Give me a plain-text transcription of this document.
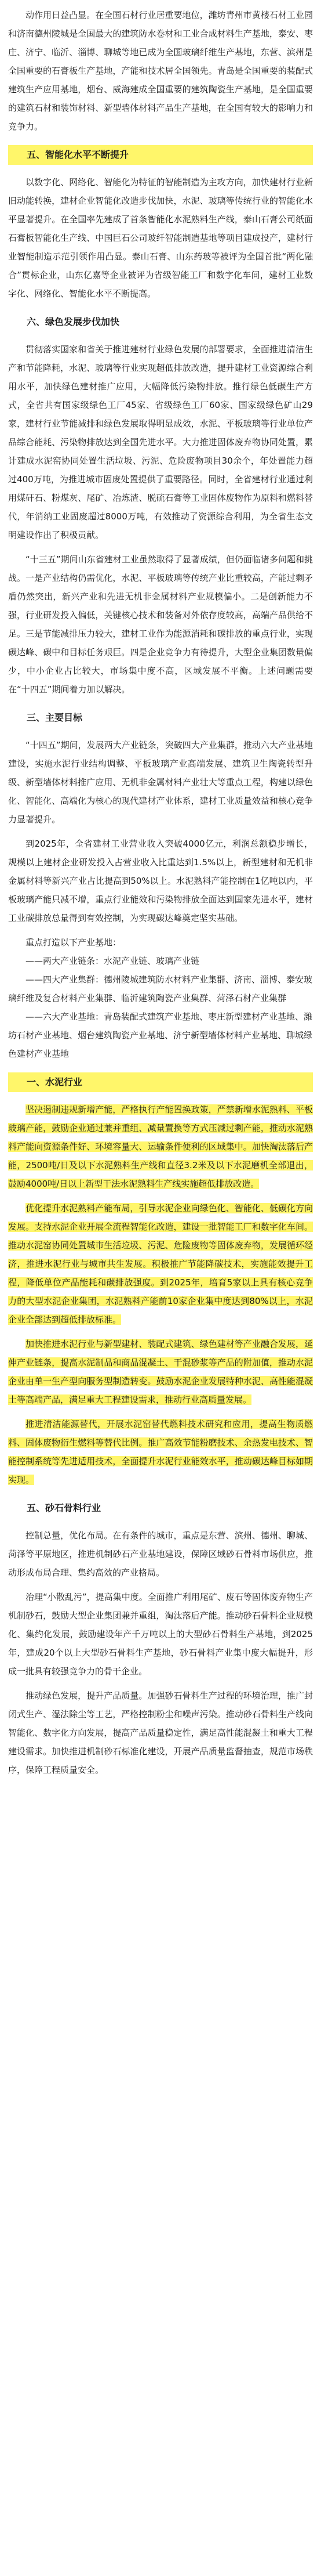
动作用日益凸显。在全国石材行业居重要地位，潍坊青州市黄楼石材工业园和济南德州陵城是全国最大的建筑防水卷材和工业合成材料生产基地，泰安、枣庄、济宁、临沂、淄博、聊城等地已成为全国玻璃纤维生产基地，东营、滨州是全国重要的石膏板生产基地，产能和技术居全国领先。青岛是全国重要的装配式建筑生产应用基地，烟台、威海建成全国重要的建筑陶瓷生产基地，是全国重要的建筑石材和装饰材料、新型墙体材料产品生产基地，在全国有较大的影响力和竞争力。

五、智能化水平不断提升

以数字化、网络化、智能化为特征的智能制造为主攻方向，加快建材行业新旧动能转换，建材企业智能化改造步伐加快，水泥、玻璃等传统行业的智能化水平显著提升。在全国率先建成了首条智能化水泥熟料生产线，泰山石膏公司纸面石膏板智能化生产线、中国巨石公司玻纤智能制造基地等项目建成投产，建材行业智能制造示范引领作用凸显。泰山石膏、山东药玻等被评为全国首批“两化融合”贯标企业，山东亿嘉等企业被评为省级智能工厂和数字化车间，建材工业数字化、网络化、智能化水平不断提高。

六、绿色发展步伐加快

贯彻落实国家和省关于推进建材行业绿色发展的部署要求，全面推进清洁生产和节能降耗，水泥、玻璃等行业实现超低排放改造，提升建材工业资源综合利用水平，加快绿色建材推广应用，大幅降低污染物排放。推行绿色低碳生产方式，全省共有国家级绿色工厂45家、省级绿色工厂60家、国家级绿色矿山29家，建材行业节能减排和绿色发展取得明显成效，水泥、平板玻璃等行业单位产品综合能耗、污染物排放达到全国先进水平。大力推进固体废弃物协同处置，累计建成水泥窑协同处置生活垃圾、污泥、危险废物项目30余个，年处置能力超过400万吨，为推进城市固废处置提供了重要路径。同时，全省建材行业通过利用煤矸石、粉煤灰、尾矿、冶炼渣、脱硫石膏等工业固体废物作为原料和燃料替代，年消纳工业固废超过8000万吨，有效推动了资源综合利用，为全省生态文明建设作出了积极贡献。

“十三五”期间山东省建材工业虽然取得了显著成绩，但仍面临诸多问题和挑战。一是产业结构仍需优化，水泥、平板玻璃等传统产业比重较高，产能过剩矛盾仍然突出，新兴产业和先进无机非金属材料产业规模偏小。二是创新能力不强，行业研发投入偏低，关键核心技术和装备对外依存度较高，高端产品供给不足。三是节能减排压力较大，建材工业作为能源消耗和碳排放的重点行业，实现碳达峰、碳中和目标任务艰巨。四是企业竞争力有待提升，大型企业集团数量偏少，中小企业占比较大，市场集中度不高，区域发展不平衡。上述问题需要在“十四五”期间着力加以解决。

三、主要目标

“十四五”期间，发展两大产业链条，突破四大产业集群，推动六大产业基地建设，实施水泥行业结构调整、平板玻璃产业高端发展、建筑卫生陶瓷转型升级、新型墙体材料推广应用、无机非金属材料产业壮大等重点工程，构建以绿色化、智能化、高端化为核心的现代建材产业体系，建材工业质量效益和核心竞争力显著提升。

到2025年，全省建材工业营业收入突破4000亿元，利润总额稳步增长，规模以上建材企业研发投入占营业收入比重达到1.5%以上，新型建材和无机非金属材料等新兴产业占比提高到50%以上。水泥熟料产能控制在1亿吨以内，平板玻璃产能只减不增，重点行业能效和污染物排放全面达到国家先进水平，建材工业碳排放总量得到有效控制，为实现碳达峰奠定坚实基础。

重点打造以下产业基地：

——两大产业链条：水泥产业链、玻璃产业链

——四大产业集群：德州陵城建筑防水材料产业集群、济南、淄博、泰安玻璃纤维及复合材料产业集群、临沂建筑陶瓷产业集群、菏泽石材产业集群

——六大产业基地：青岛装配式建筑产业基地、枣庄新型建材产业基地、潍坊石材产业基地、烟台建筑陶瓷产业基地、济宁新型墙体材料产业基地、聊城绿色建材产业基地

一、水泥行业

坚决遏制违规新增产能，严格执行产能置换政策，严禁新增水泥熟料、平板玻璃产能，鼓励企业通过兼并重组、减量置换等方式压减过剩产能，推动水泥熟料产能向资源条件好、环境容量大、运输条件便利的区域集中。加快淘汰落后产能，2500吨/日及以下水泥熟料生产线和直径3.2米及以下水泥磨机全部退出，鼓励4000吨/日以上新型干法水泥熟料生产线实施超低排放改造。

优化提升水泥熟料产能布局，引导水泥企业向绿色化、智能化、低碳化方向发展。支持水泥企业开展全流程智能化改造，建设一批智能工厂和数字化车间。推动水泥窑协同处置城市生活垃圾、污泥、危险废物等固体废弃物，发展循环经济，推进水泥行业与城市共生发展。积极推广节能降碳技术，实施能效提升工程，降低单位产品能耗和碳排放强度。到2025年，培育5家以上具有核心竞争力的大型水泥企业集团，水泥熟料产能前10家企业集中度达到80%以上，水泥企业全部达到超低排放标准。

加快推进水泥行业与新型建材、装配式建筑、绿色建材等产业融合发展，延伸产业链条，提高水泥制品和商品混凝土、干混砂浆等产品的附加值，推动水泥企业由单一生产型向服务型制造转变。鼓励水泥企业发展特种水泥、高性能混凝土等高端产品，满足重大工程建设需求，推动行业高质量发展。

推进清洁能源替代，开展水泥窑替代燃料技术研究和应用，提高生物质燃料、固体废物衍生燃料等替代比例。推广高效节能粉磨技术、余热发电技术、智能控制系统等先进适用技术，全面提升水泥行业能效水平，推动碳达峰目标如期实现。

五、砂石骨料行业

控制总量，优化布局。在有条件的城市，重点是东营、滨州、德州、聊城、菏泽等平原地区，推进机制砂石产业基地建设，保障区域砂石骨料市场供应，推动形成布局合理、集约高效的产业格局。

治理“小散乱污”，提高集中度。全面推广利用尾矿、废石等固体废弃物生产机制砂石，鼓励大型企业集团兼并重组，淘汰落后产能。推动砂石骨料企业规模化、集约化发展，鼓励建设年产千万吨以上的大型砂石骨料生产基地，到2025年，建成20个以上大型砂石骨料生产基地，砂石骨料产业集中度大幅提升，形成一批具有较强竞争力的骨干企业。

推动绿色发展，提升产品质量。加强砂石骨料生产过程的环境治理，推广封闭式生产、湿法除尘等工艺，严格控制粉尘和噪声污染。推动砂石骨料生产线向智能化、数字化方向发展，提高产品质量稳定性，满足高性能混凝土和重大工程建设需求。加快推进机制砂石标准化建设，开展产品质量监督抽查，规范市场秩序，保障工程质量安全。
